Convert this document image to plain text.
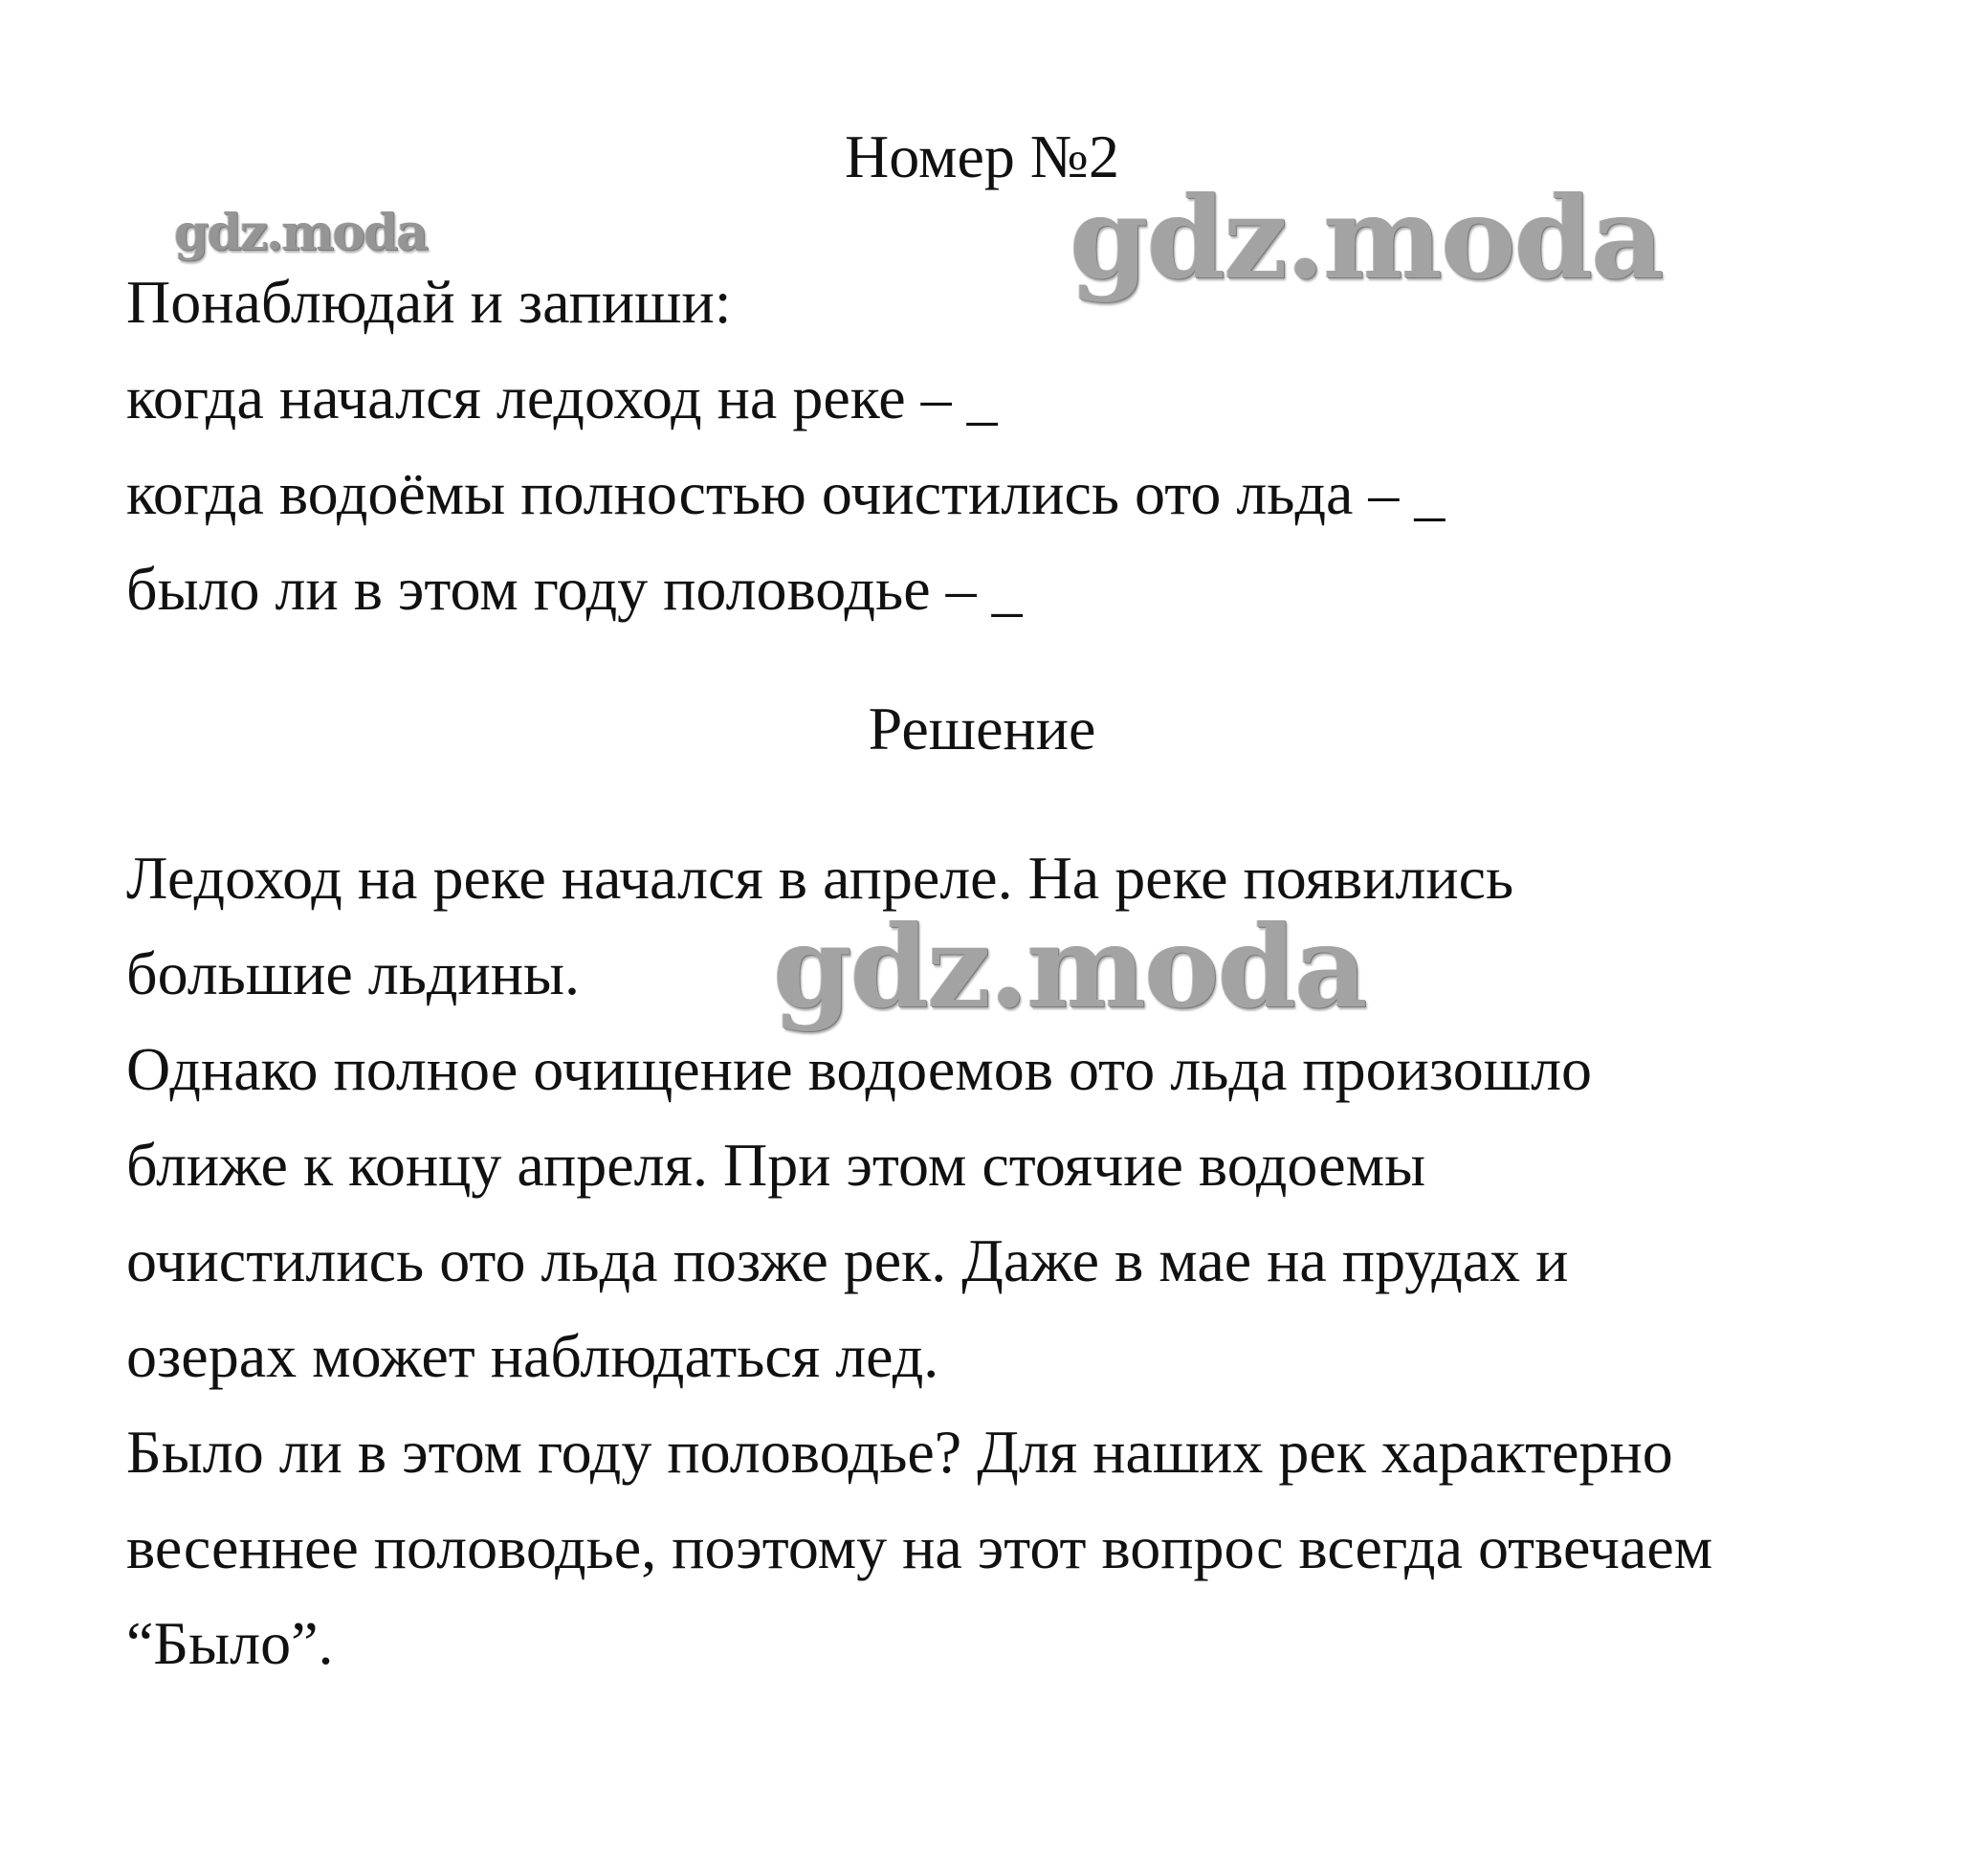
Номер №2
gdz.moda	gdz.moda
Понаблюдай и запиши:
когда начался ледоход на реке – _
когда водоёмы полностью очистились ото льда – _
было ли в этом году половодье – _
Решение
Ледоход на реке начался в апреле. На реке появились
большие льдины.
Однако полное очищение водоемов ото льда произошло
ближе к концу апреля. При этом стоячие водоемы
очистились ото льда позже рек. Даже в мае на прудах и
озерах может наблюдаться лед.
Было ли в этом году половодье? Для наших рек характерно
весеннее половодье, поэтому на этот вопрос всегда отвечаем
“Было”.
gdz.moda
